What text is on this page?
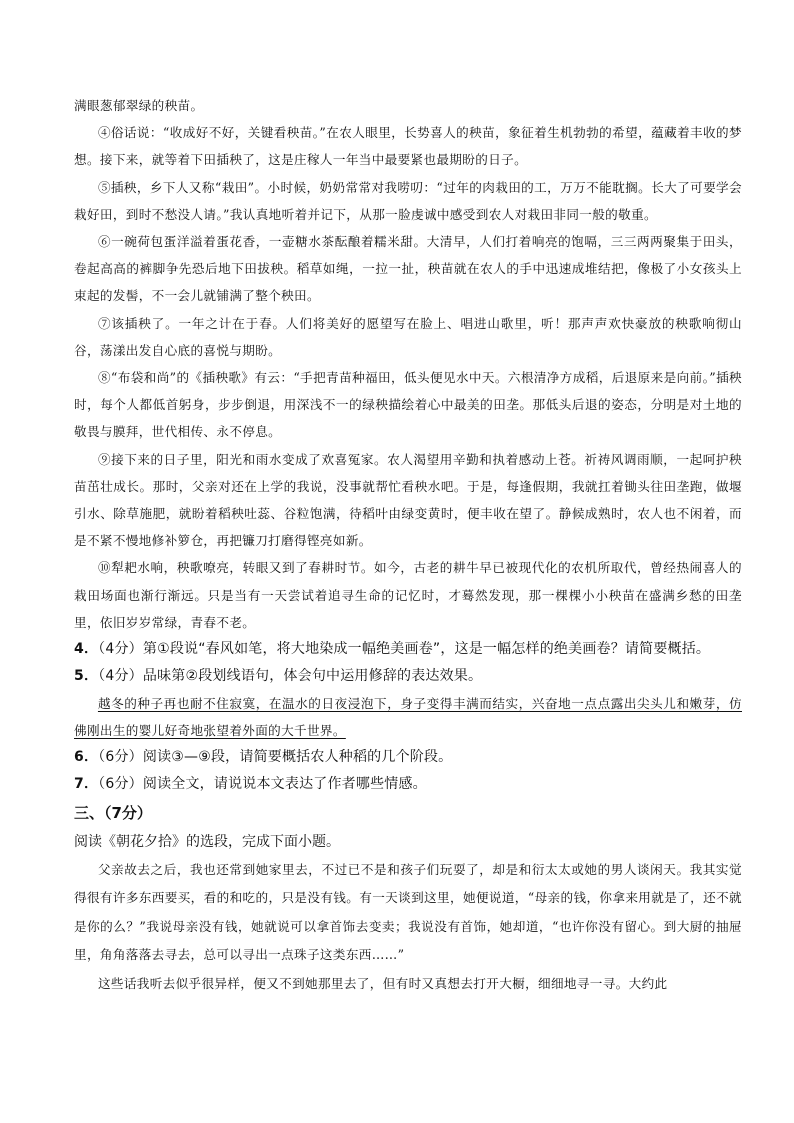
满眼葱郁翠绿的秧苗。

④俗话说：“收成好不好，关键看秧苗。”在农人眼里，长势喜人的秧苗，象征着生机勃勃的希望，蕴藏着丰收的梦想。接下来，就等着下田插秧了，这是庄稼人一年当中最要紧也最期盼的日子。

⑤插秧，乡下人又称“栽田”。小时候，奶奶常常对我唠叨：“过年的肉栽田的工，万万不能耽搁。长大了可要学会栽好田，到时不愁没人请。”我认真地听着并记下，从那一脸虔诚中感受到农人对栽田非同一般的敬重。

⑥一碗荷包蛋洋溢着蛋花香，一壶糖水茶酝酿着糯米甜。大清早，人们打着响亮的饱嗝，三三两两聚集于田头，卷起高高的裤脚争先恐后地下田拔秧。稻草如绳，一拉一扯，秧苗就在农人的手中迅速成堆结把，像极了小女孩头上束起的发髻，不一会儿就铺满了整个秧田。

⑦该插秧了。一年之计在于春。人们将美好的愿望写在脸上、唱进山歌里，听！那声声欢快豪放的秧歌响彻山谷，荡漾出发自心底的喜悦与期盼。

⑧“布袋和尚”的《插秧歌》有云：“手把青苗种福田，低头便见水中天。六根清净方成稻，后退原来是向前。”插秧时，每个人都低首躬身，步步倒退，用深浅不一的绿秧描绘着心中最美的田垄。那低头后退的姿态，分明是对土地的敬畏与膜拜，世代相传、永不停息。

⑨接下来的日子里，阳光和雨水变成了欢喜冤家。农人渴望用辛勤和执着感动上苍。祈祷风调雨顺，一起呵护秧苗茁壮成长。那时，父亲对还在上学的我说，没事就帮忙看秧水吧。于是，每逢假期，我就扛着锄头往田垄跑，做堰引水、除草施肥，就盼着稻秧吐蕊、谷粒饱满，待稻叶由绿变黄时，便丰收在望了。静候成熟时，农人也不闲着，而是不紧不慢地修补箩仓，再把镰刀打磨得铿亮如新。

⑩犁耙水响，秧歌嘹亮，转眼又到了春耕时节。如今，古老的耕牛早已被现代化的农机所取代，曾经热闹喜人的栽田场面也渐行渐远。只是当有一天尝试着追寻生命的记忆时，才蓦然发现，那一棵棵小小秧苗在盛满乡愁的田垄里，依旧岁岁常绿，青春不老。

4．（4分）第①段说“春风如笔，将大地染成一幅绝美画卷”，这是一幅怎样的绝美画卷？请简要概括。

5．（4分）品味第②段划线语句，体会句中运用修辞的表达效果。

越冬的种子再也耐不住寂寞，在温水的日夜浸泡下，身子变得丰满而结实，兴奋地一点点露出尖头儿和嫩芽，仿佛刚出生的婴儿好奇地张望着外面的大千世界。

6．（6分）阅读③—⑨段，请简要概括农人种稻的几个阶段。

7．（6分）阅读全文，请说说本文表达了作者哪些情感。

三、（7分）

阅读《朝花夕拾》的选段，完成下面小题。

父亲故去之后，我也还常到她家里去，不过已不是和孩子们玩耍了，却是和衍太太或她的男人谈闲天。我其实觉得很有许多东西要买，看的和吃的，只是没有钱。有一天谈到这里，她便说道，“母亲的钱，你拿来用就是了，还不就是你的么？”我说母亲没有钱，她就说可以拿首饰去变卖；我说没有首饰，她却道，“也许你没有留心。到大厨的抽屉里，角角落落去寻去，总可以寻出一点珠子这类东西……”

这些话我听去似乎很异样，便又不到她那里去了，但有时又真想去打开大橱，细细地寻一寻。大约此
